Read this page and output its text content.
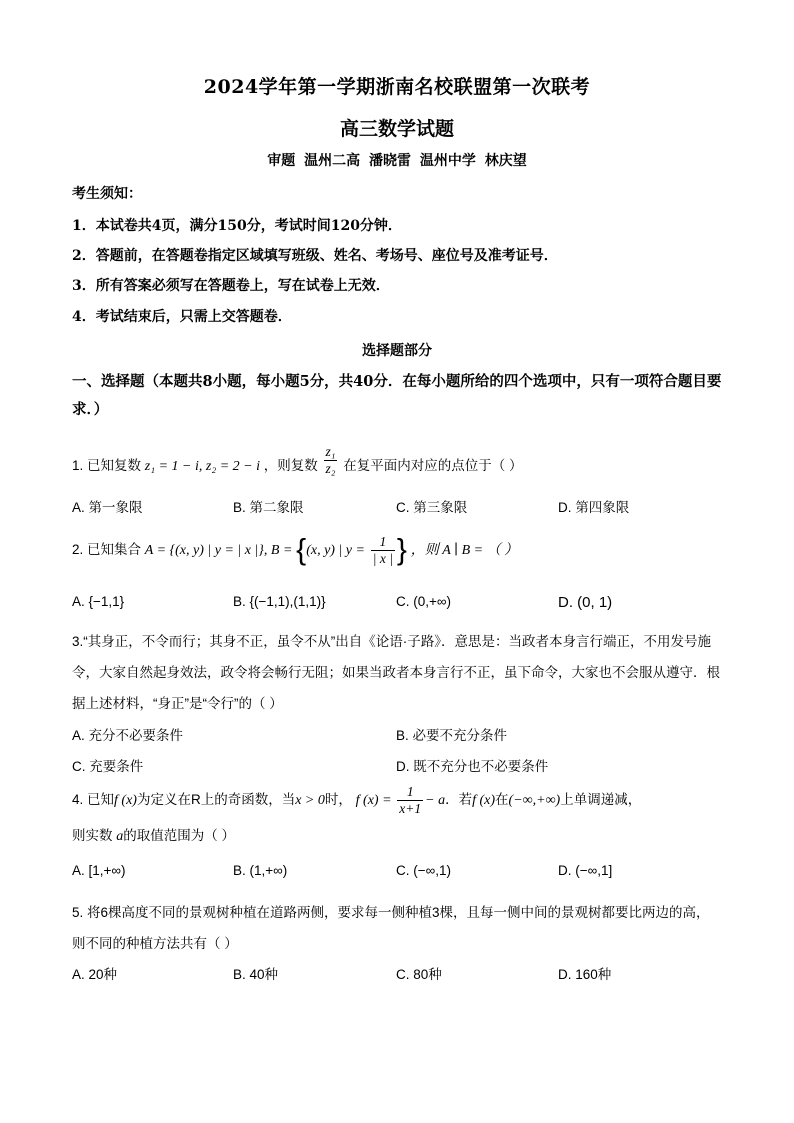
2024学年第一学期浙南名校联盟第一次联考
高三数学试题
审题 温州二高 潘晓雷 温州中学 林庆望
考生须知：
1．本试卷共4页，满分150分，考试时间120分钟．
2．答题前，在答题卷指定区域填写班级、姓名、考场号、座位号及准考证号．
3．所有答案必须写在答题卷上，写在试卷上无效．
4．考试结束后，只需上交答题卷．
选择题部分
一、选择题（本题共8小题，每小题5分，共40分．在每小题所给的四个选项中，只有一项符合题目要求．）
1. 已知复数 z₁ = 1 − i, z₂ = 2 − i ，则复数 $\frac{\text{z₁}}{\text{z₂}}$ 在复平面内对应的点位于（ ）
A. 第一象限	B. 第二象限	C. 第三象限	D. 第四象限
2. 已知集合 A = {(x, y) | y = | x |}, B = {(x, y) | $y = \frac{1}{| x |}$ } ，则 A ∣ B = （ ）
A. {−1,1}	B. {(−1,1),(1,1)}	C. (0,+∞)	D. (0, 1)
3.“其身正，不令而行；其身不正，虽令不从”出自《论语·子路》．意思是：当政者本身言行端正，不用发号施令，大家自然起身效法，政令将会畅行无阻；如果当政者本身言行不正，虽下命令，大家也不会服从遵守．根据上述材料，“身正”是“令行”的（ ）
A. 充分不必要条件	B. 必要不充分条件
C. 充要条件	D. 既不充分也不必要条件
4. 已知f (x)为定义在R上的奇函数，当x > 0时， f $(x) = \frac{1}{x+1} - a$．若f (x)在(−∞,+∞)上单调递减，
则实数 a的取值范围为（ ）
A. [1,+∞)	B. (1,+∞)	C. (−∞,1)	D. (−∞,1]
5. 将6棵高度不同的景观树种植在道路两侧，要求每一侧种植3棵，且每一侧中间的景观树都要比两边的高，则不同的种植方法共有（ ）
A. 20种	B. 40种	C. 80种	D. 160种
